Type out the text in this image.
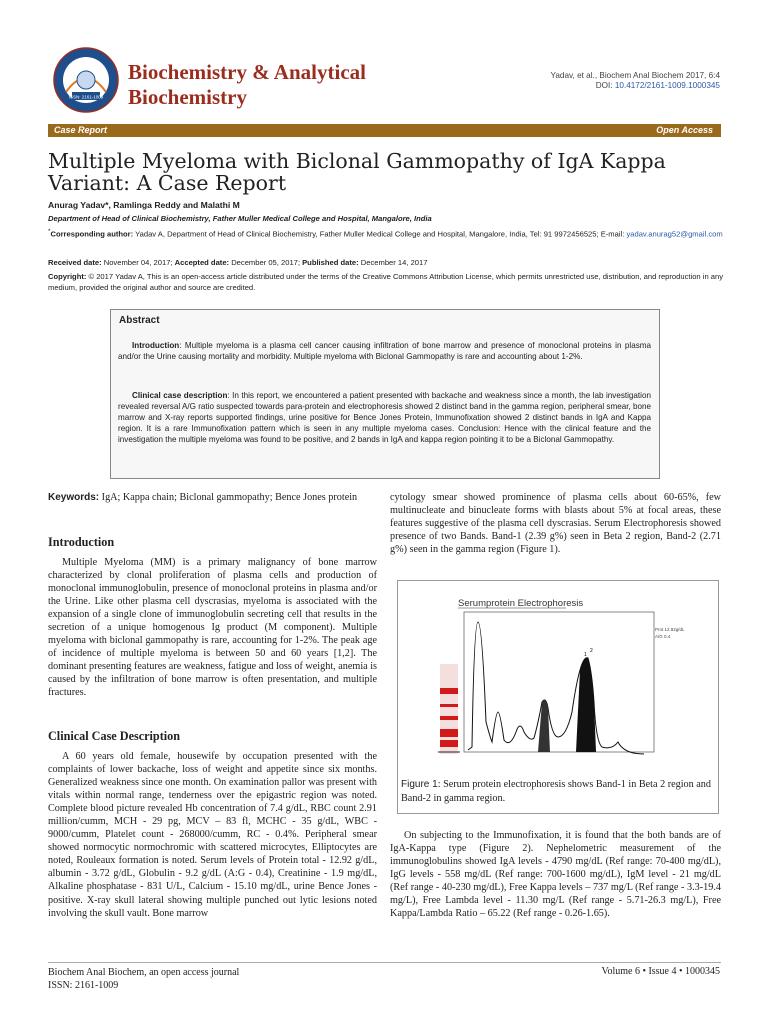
ISSN: 2161-1009
Biochemistry & Analytical
Biochemistry
Yadav, et al., Biochem Anal Biochem 2017, 6:4
DOI: 10.4172/2161-1009.1000345
Case Report	Open Access
Multiple Myeloma with Biclonal Gammopathy of IgA Kappa Variant: A Case Report
Anurag Yadav*, Ramlinga Reddy and Malathi M
Department of Head of Clinical Biochemistry, Father Muller Medical College and Hospital, Mangalore, India
*Corresponding author: Yadav A, Department of Head of Clinical Biochemistry, Father Muller Medical College and Hospital, Mangalore, India, Tel: 91 9972456525; E-mail: yadav.anurag52@gmail.com
Received date: November 04, 2017; Accepted date: December 05, 2017; Published date: December 14, 2017
Copyright: © 2017 Yadav A, This is an open-access article distributed under the terms of the Creative Commons Attribution License, which permits unrestricted use, distribution, and reproduction in any medium, provided the original author and source are credited.
Abstract
Introduction: Multiple myeloma is a plasma cell cancer causing infiltration of bone marrow and presence of monoclonal proteins in plasma and/or the Urine causing mortality and morbidity. Multiple myeloma with Biclonal Gammopathy is rare and accounting about 1-2%.
Clinical case description: In this report, we encountered a patient presented with backache and weakness since a month, the lab investigation revealed reversal A/G ratio suspected towards para-protein and electrophoresis showed 2 distinct band in the gamma region, peripheral smear, bone marrow and X-ray reports supported findings, urine positive for Bence Jones Protein, Immunofixation showed 2 distinct bands in IgA and Kappa region. It is a rare Immunofixation pattern which is seen in any multiple myeloma cases. Conclusion: Hence with the clinical feature and the investigation the multiple myeloma was found to be positive, and 2 bands in IgA and kappa region pointing it to be a Biclonal Gammopathy.
Keywords: IgA; Kappa chain; Biclonal gammopathy; Bence Jones protein
Introduction
Multiple Myeloma (MM) is a primary malignancy of bone marrow characterized by clonal proliferation of plasma cells and production of monoclonal immunoglobulin, presence of monoclonal proteins in plasma and/or the Urine. Like other plasma cell dyscrasias, myeloma is associated with the expansion of a single clone of immunoglobulin secreting cell that results in the secretion of a unique homogenous Ig product (M component). Multiple myeloma with biclonal gammopathy is rare, accounting for 1-2%. The peak age of incidence of multiple myeloma is between 50 and 60 years [1,2]. The dominant presenting features are weakness, fatigue and loss of weight, anemia is caused by the infiltration of bone marrow is often presentation, and multiple fractures.
Clinical Case Description
A 60 years old female, housewife by occupation presented with the complaints of lower backache, loss of weight and appetite since six months. Generalized weakness since one month. On examination pallor was present with vitals within normal range, tenderness over the epigastric region was noted. Complete blood picture revealed Hb concentration of 7.4 g/dL, RBC count 2.91 million/cumm, MCH - 29 pg, MCV – 83 fl, MCHC - 35 g/dL, WBC - 9000/cumm, Platelet count - 268000/cumm, RC - 0.4%. Peripheral smear showed normocytic normochromic with scattered microcytes, Elliptocytes are noted, Rouleaux formation is noted. Serum levels of Protein total - 12.92 g/dL, albumin - 3.72 g/dL, Globulin - 9.2 g/dL (A:G - 0.4), Creatinine - 1.9 mg/dL, Alkaline phosphatase - 831 U/L, Calcium - 15.10 mg/dL, urine Bence Jones - positive. X-ray skull lateral showing multiple punched out lytic lesions noted involving the skull vault. Bone marrow
cytology smear showed prominence of plasma cells about 60-65%, few multinucleate and binucleate forms with blasts about 5% at focal areas, these features suggestive of the plasma cell dyscrasias. Serum Electrophoresis showed presence of two Bands. Band-1 (2.39 g%) seen in Beta 2 region, Band-2 (2.71 g%) seen in the gamma region (Figure 1).
Serumprotein Electrophoresis
1
2
Prot 12.92g/dL
A/G 0.4
Figure 1: Serum protein electrophoresis shows Band-1 in Beta 2 region and Band-2 in gamma region.
On subjecting to the Immunofixation, it is found that the both bands are of IgA-Kappa type (Figure 2). Nephelometric measurement of the immunoglobulins showed IgA levels - 4790 mg/dL (Ref range: 70-400 mg/dL), IgG levels - 558 mg/dL (Ref range: 700-1600 mg/dL), IgM level - 21 mg/dL (Ref range - 40-230 mg/dL), Free Kappa levels – 737 mg/L (Ref range - 3.3-19.4 mg/L), Free Lambda level - 11.30 mg/L (Ref range - 5.71-26.3 mg/L), Free Kappa/Lambda Ratio – 65.22 (Ref range - 0.26-1.65).
Biochem Anal Biochem, an open access journal
ISSN: 2161-1009
Volume 6 • Issue 4 • 1000345
